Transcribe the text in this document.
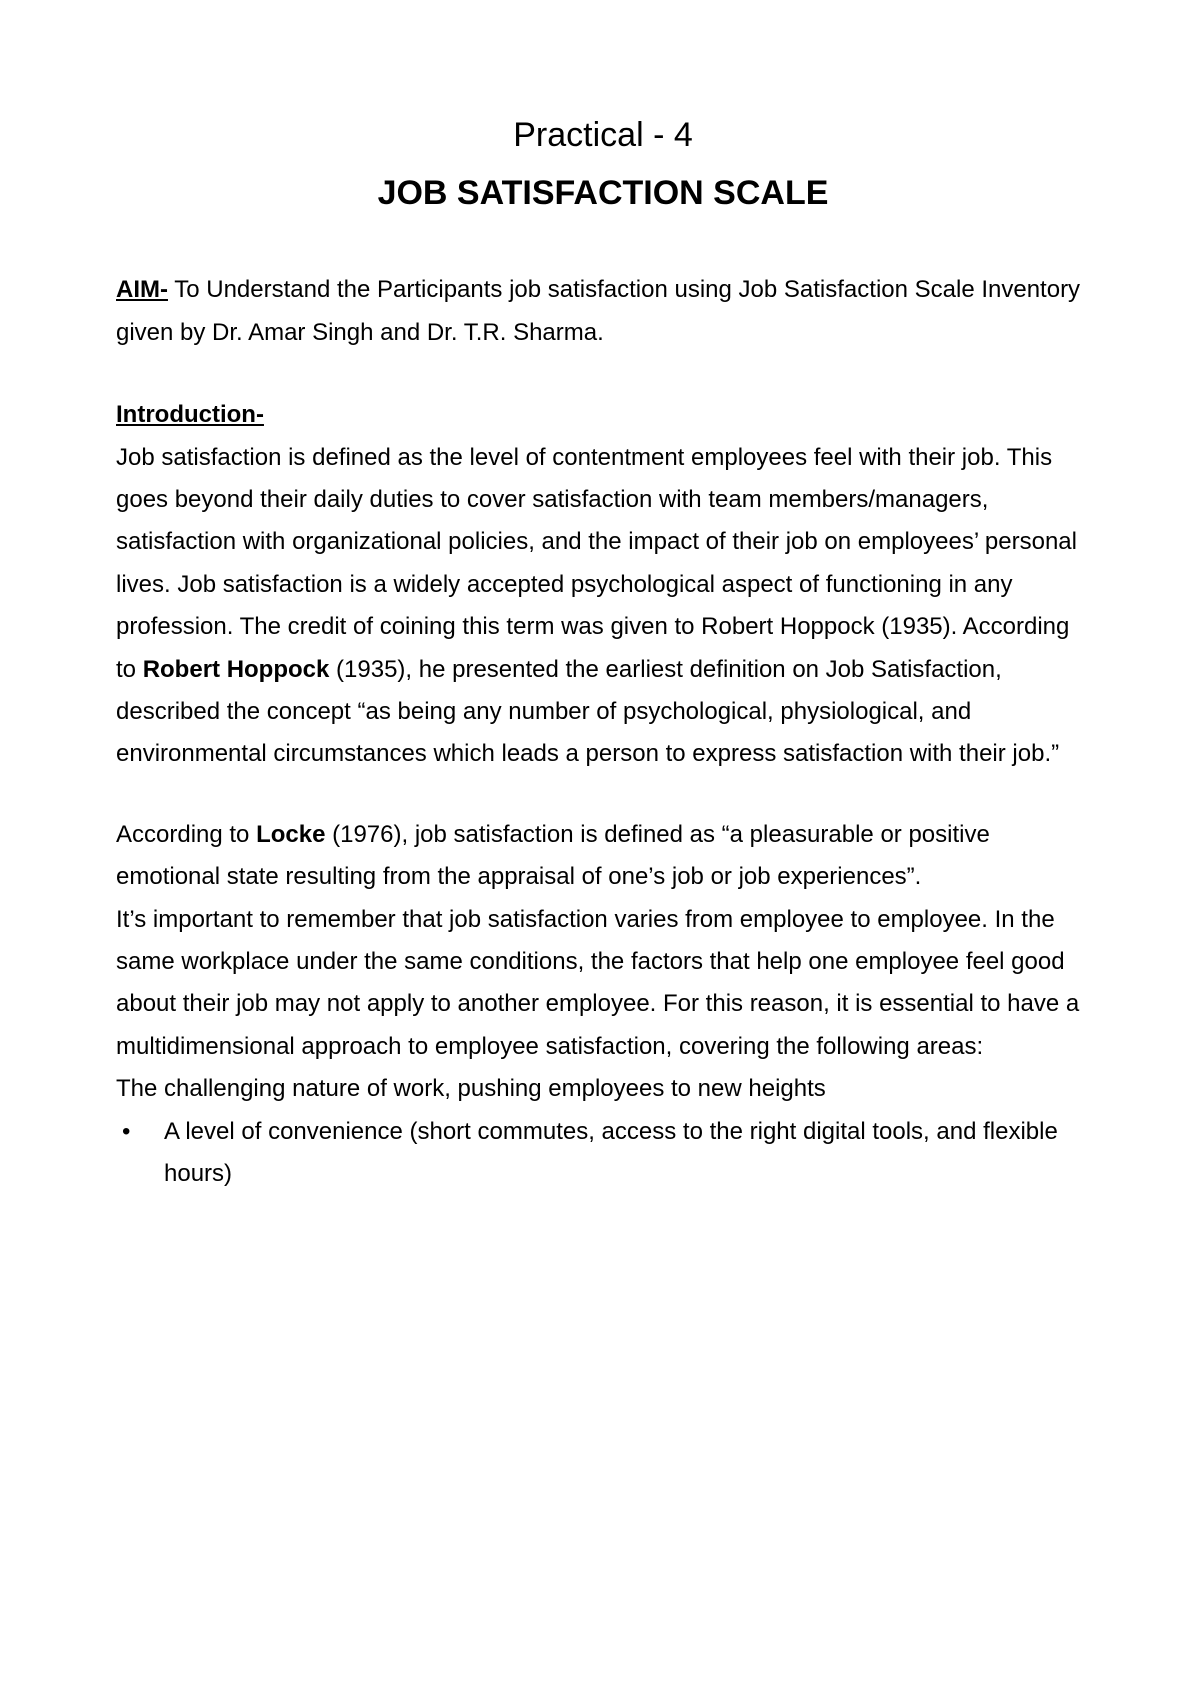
Practical - 4
JOB SATISFACTION SCALE
AIM- To Understand the Participants job satisfaction using Job Satisfaction Scale Inventory given by Dr. Amar Singh and Dr. T.R. Sharma.
Introduction-

Job satisfaction is defined as the level of contentment employees feel with their job. This goes beyond their daily duties to cover satisfaction with team members/managers, satisfaction with organizational policies, and the impact of their job on employees’ personal lives. Job satisfaction is a widely accepted psychological aspect of functioning in any profession. The credit of coining this term was given to Robert Hoppock (1935). According to Robert Hoppock (1935), he presented the earliest definition on Job Satisfaction, described the concept “as being any number of psychological, physiological, and environmental circumstances which leads a person to express satisfaction with their job.”

According to Locke (1976), job satisfaction is defined as “a pleasurable or positive emotional state resulting from the appraisal of one’s job or job experiences”.

It’s important to remember that job satisfaction varies from employee to employee. In the same workplace under the same conditions, the factors that help one employee feel good about their job may not apply to another employee. For this reason, it is essential to have a multidimensional approach to employee satisfaction, covering the following areas:

The challenging nature of work, pushing employees to new heights

• A level of convenience (short commutes, access to the right digital tools, and flexible hours)
